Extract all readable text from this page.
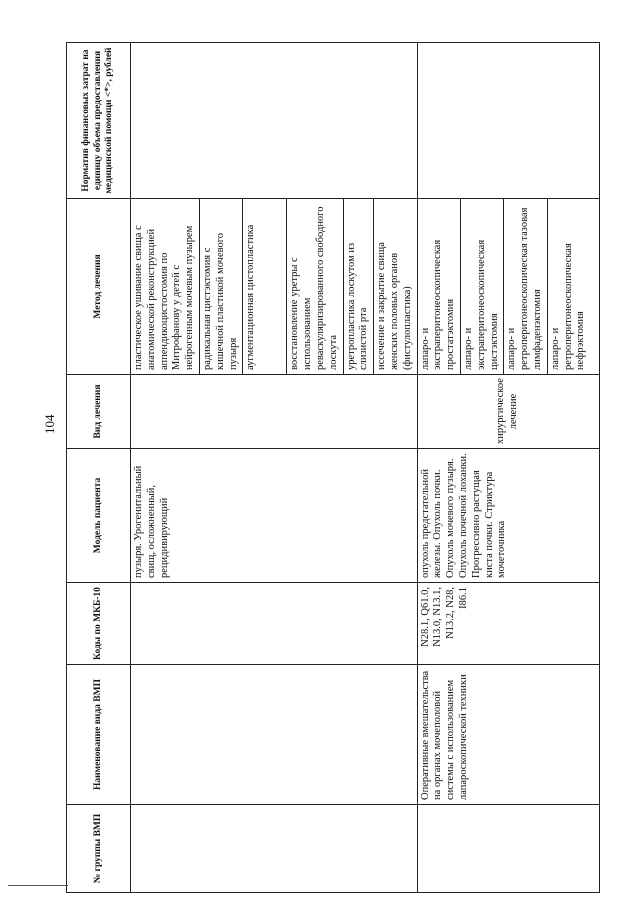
104
№ группы ВМП	Наименование вида ВМП	Коды по МКБ-10	Модель пациента	Вид лечения	Метод лечения	Норматив финансовых затрат на единицу объема предоставления медицинской помощи <*>, рублей
			пузыря. Урогенитальный свищ, осложненный, рецидивирующий		пластическое ушивание свища с анатомической реконструкцией аппендикоцистостомия по Митрофанову у детей с нейрогенным мочевым пузырем	
					радикальная цистэктомия с кишечной пластикой мочевого пузыря	
					аугментационная цистопластика	
					восстановление уретры с использованием реваскуляризированного свободного лоскута	
					уретропластика лоскутом из слизистой рта	
					иссечение и закрытие свища женских половых органов (фистулопластика)	
	Оперативные вмешательства на органах мочеполовой системы с использованием лапароскопической техники	N28.1, Q61.0, N13.0, N13.1, N13.2, N28, I86.1	опухоль предстательной железы. Опухоль почки. Опухоль мочевого пузыря. Опухоль почечной лоханки. Прогрессивно растущая киста почки. Стриктура мочеточника	хирургическое лечение	лапаро- и экстраперитонеоскопическая простатэктомия	
					лапаро- и экстраперитонеоскопическая цистэктомия	
					лапаро- и ретроперитонеоскопическая тазовая лимфаденэктомия	
					лапаро- и ретроперитонеоскопическая нефрэктомия	
